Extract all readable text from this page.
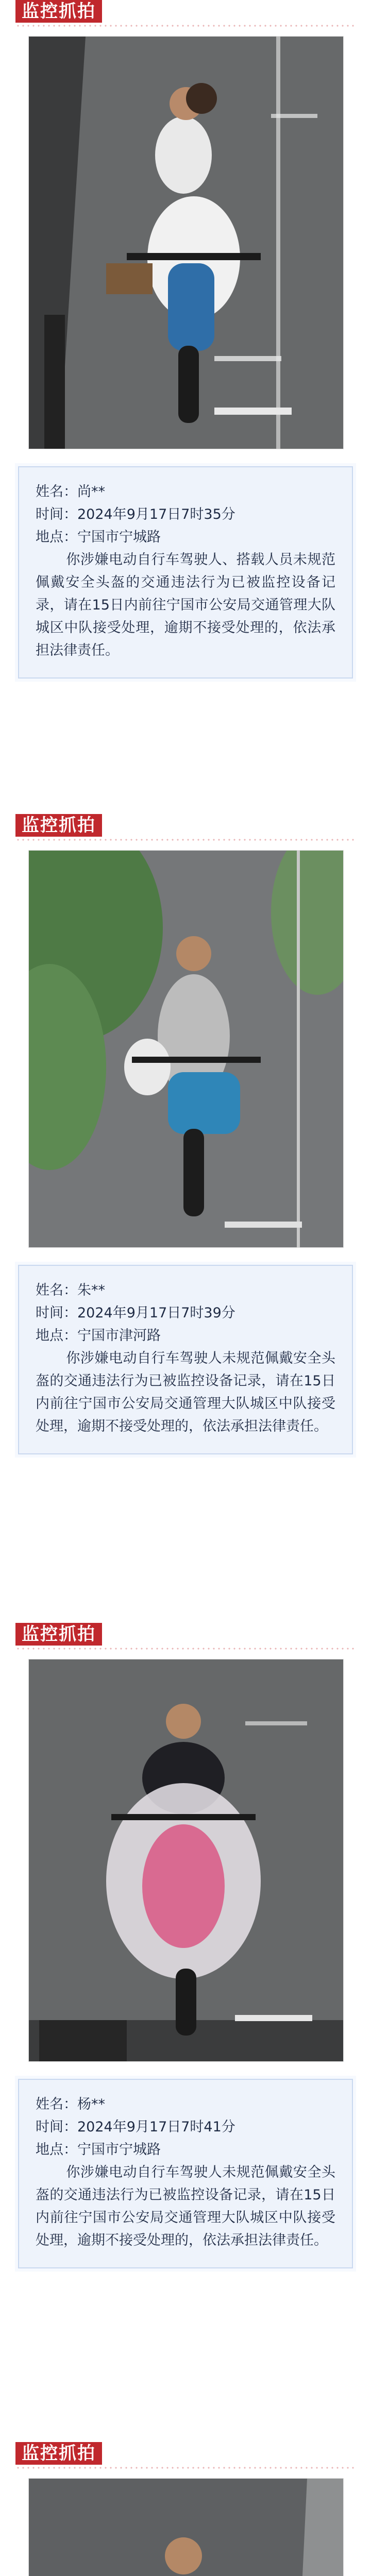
监控抓拍
姓名：尚**
时间：2024年9月17日7时35分
地点：宁国市宁城路
你涉嫌电动自行车驾驶人、搭载人员未规范佩戴安全头盔的交通违法行为已被监控设备记录，请在15日内前往宁国市公安局交通管理大队城区中队接受处理，逾期不接受处理的，依法承担法律责任。
监控抓拍
姓名：朱**
时间：2024年9月17日7时39分
地点：宁国市津河路
你涉嫌电动自行车驾驶人未规范佩戴安全头盔的交通违法行为已被监控设备记录，请在15日内前往宁国市公安局交通管理大队城区中队接受处理，逾期不接受处理的，依法承担法律责任。
监控抓拍
姓名：杨**
时间：2024年9月17日7时41分
地点：宁国市宁城路
你涉嫌电动自行车驾驶人未规范佩戴安全头盔的交通违法行为已被监控设备记录，请在15日内前往宁国市公安局交通管理大队城区中队接受处理，逾期不接受处理的，依法承担法律责任。
监控抓拍
